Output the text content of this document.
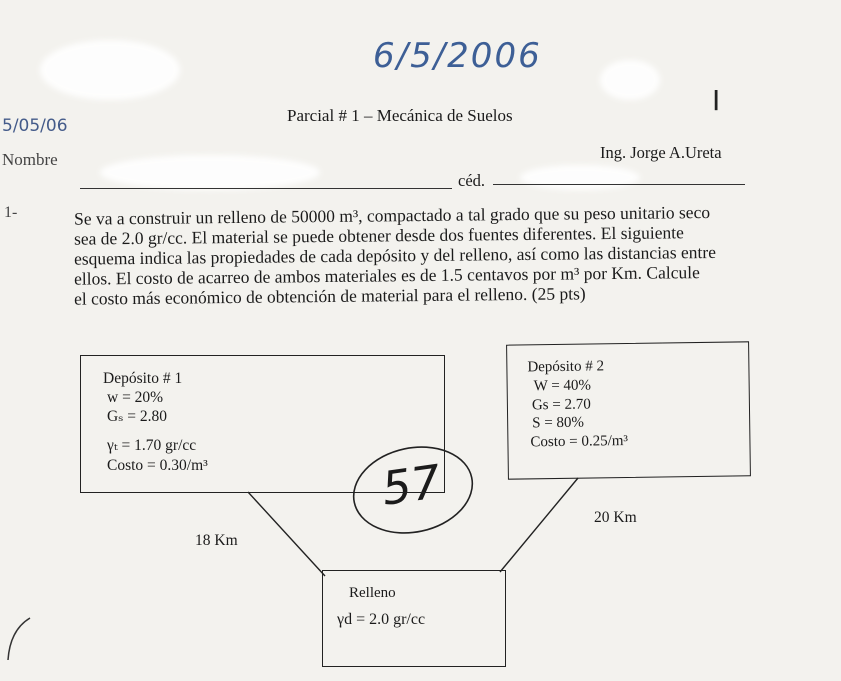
6/5/2006
5/05/06
Parcial # 1 – Mecánica de Suelos	Ⅰ
Nombre	Ing. Jorge A.Ureta
céd.
1-	Se va a construir un relleno de 50000 m³, compactado a tal grado que su peso unitario seco
sea de 2.0 gr/cc. El material se puede obtener desde dos fuentes diferentes. El siguiente
esquema indica las propiedades de cada depósito y del relleno, así como las distancias entre
ellos. El costo de acarreo de ambos materiales es de 1.5 centavos por m³ por Km. Calcule
el costo más económico de obtención de material para el relleno. (25 pts)
57
Depósito # 1
w = 20%
Gₛ = 2.80
γₜ = 1.70 gr/cc
Costo = 0.30/m³
Depósito # 2
W = 40%
Gs = 2.70
S = 80%
Costo = 0.25/m³
18 Km
20 Km
Relleno
γd = 2.0 gr/cc
